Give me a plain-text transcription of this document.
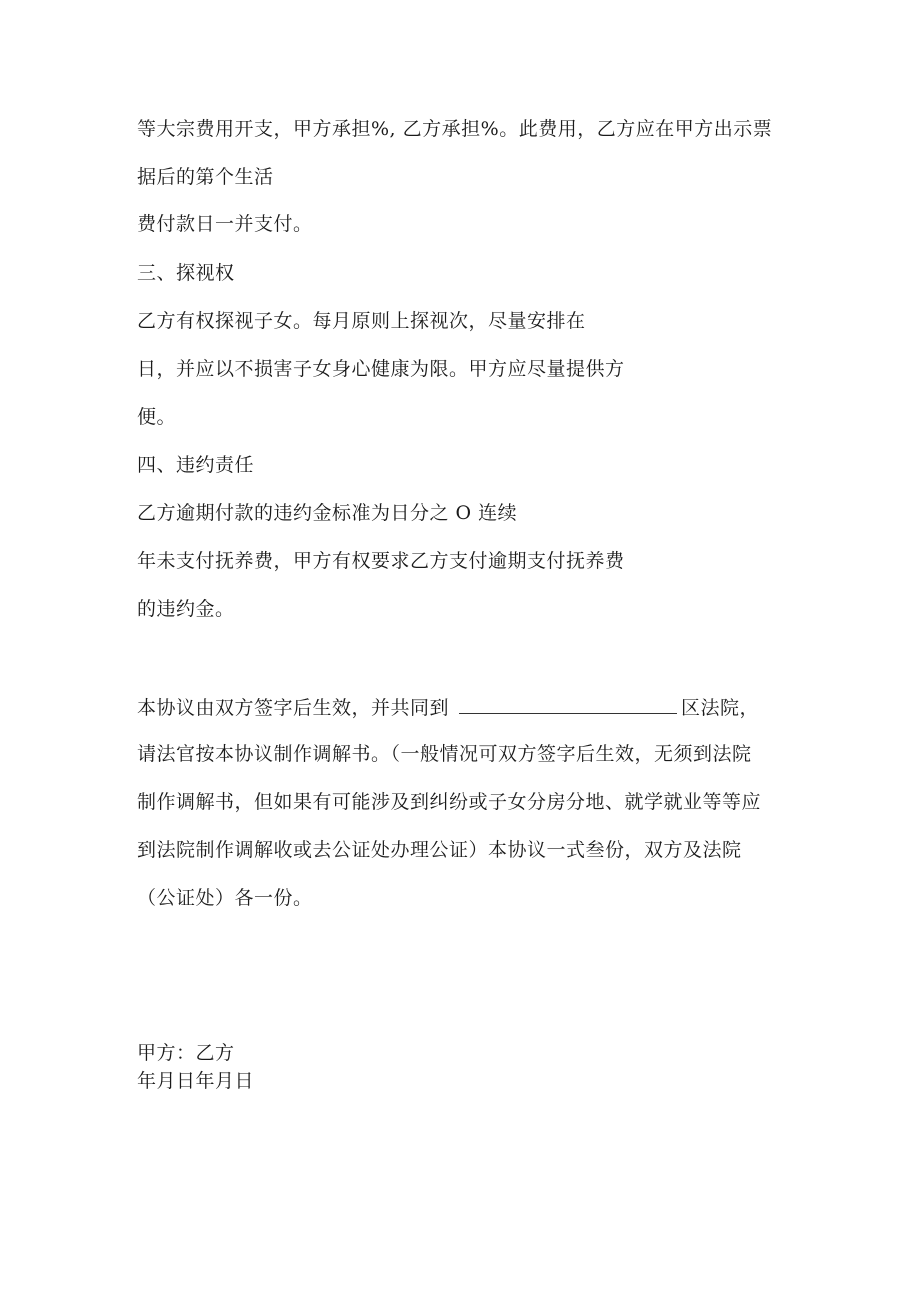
等大宗费用开支，甲方承担%, 乙方承担%。此费用，乙方应在甲方出示票
据后的第个生活
费付款日一并支付。
三、探视权
乙方有权探视子女。每月原则上探视次，尽量安排在
日，并应以不损害子女身心健康为限。甲方应尽量提供方
便。
四、违约责任
乙方逾期付款的违约金标准为日分之 O 连续
年未支付抚养费，甲方有权要求乙方支付逾期支付抚养费
的违约金。
本协议由双方签字后生效，并共同到	区法院，
请法官按本协议制作调解书。（一般情况可双方签字后生效，无须到法院
制作调解书，但如果有可能涉及到纠纷或子女分房分地、就学就业等等应
到法院制作调解收或去公证处办理公证）本协议一式叁份，双方及法院
（公证处）各一份。
甲方：乙方
年月日年月日
